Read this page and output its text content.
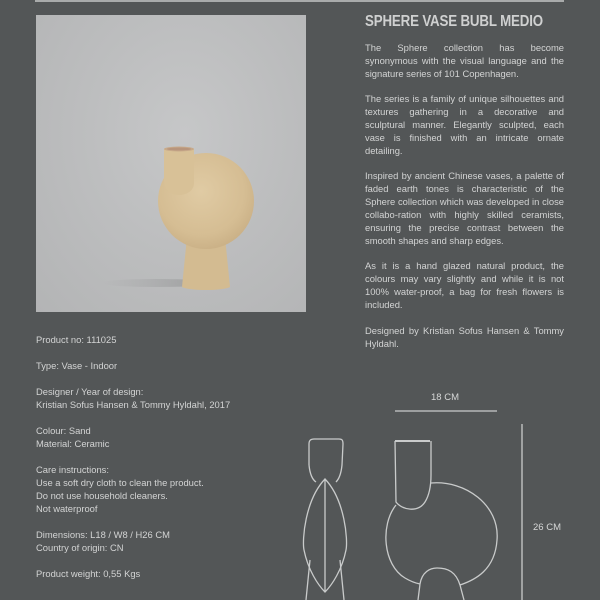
SPHERE VASE BUBL MEDIO

The Sphere collection has become synonymous with the visual language and the signature series of 101 Copenhagen.

The series is a family of unique silhouettes and textures gathering in a decorative and sculptural manner. Elegantly sculpted, each vase is finished with an intricate ornate detailing.

Inspired by ancient Chinese vases, a palette of faded earth tones is characteristic of the Sphere collection which was developed in close collabo-ration with highly skilled ceramists, ensuring the precise contrast between the smooth shapes and sharp edges.

As it is a hand glazed natural product, the colours may vary slightly and while it is not 100% water-proof, a bag for fresh flowers is included.

Designed by Kristian Sofus Hansen & Tommy Hyldahl.

Product no: 111025
Type: Vase - Indoor
Designer / Year of design:
Kristian Sofus Hansen & Tommy Hyldahl, 2017
Colour: Sand
Material: Ceramic
Care instructions:
Use a soft dry cloth to clean the product.
Do not use household cleaners.
Not waterproof
Dimensions: L18 / W8 / H26 CM
Country of origin: CN
Product weight: 0,55 Kgs
18 CM
26 CM
